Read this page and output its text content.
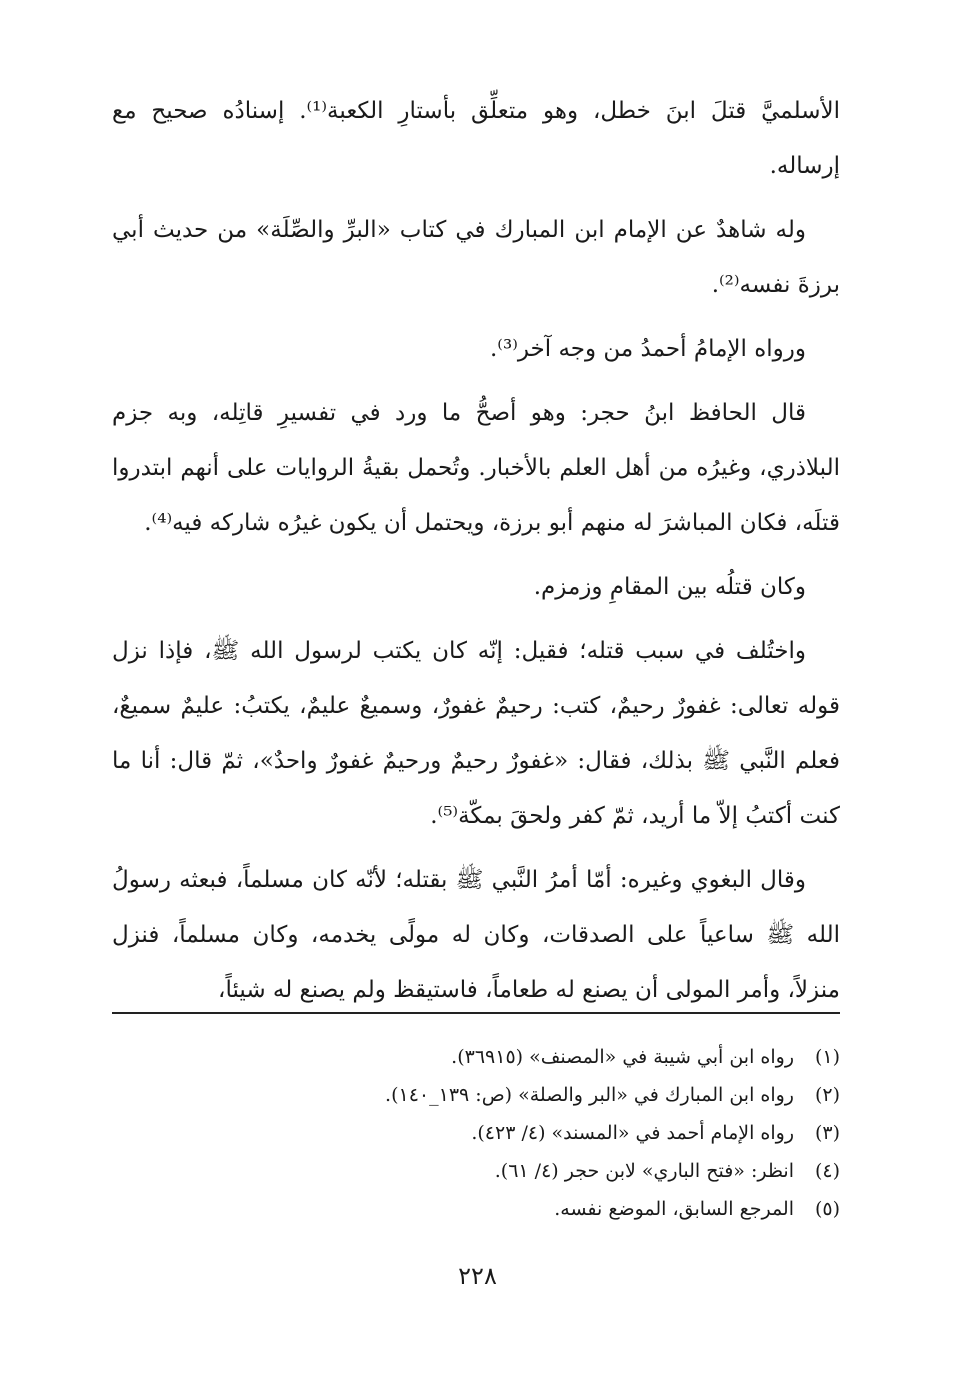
الأسلميَّ قتلَ ابنَ خطل، وهو متعلِّق بأستارِ الكعبة⁽¹⁾. إسنادُه صحيح مع إرساله.

وله شاهدٌ عن الإمام ابن المبارك في كتاب «البرِّ والصِّلَة» من حديث أبي برزةَ نفسه⁽²⁾.

ورواه الإمامُ أحمدُ من وجه آخر⁽³⁾.

قال الحافظ ابنُ حجر: وهو أصحُّ ما ورد في تفسيرِ قاتِله، وبه جزم البلاذري، وغيرُه من أهل العلم بالأخبار. وتُحمل بقيةُ الروايات على أنهم ابتدروا قتلَه، فكان المباشرَ له منهم أبو برزة، ويحتمل أن يكون غيرُه شاركه فيه⁽⁴⁾.

وكان قتلُه بين المقامِ وزمزم.

واختُلف في سبب قتله؛ فقيل: إنّه كان يكتب لرسول الله ﷺ، فإذا نزل قوله تعالى: غفورٌ رحيمٌ، كتب: رحيمٌ غفورٌ، وسميعٌ عليمٌ، يكتبُ: عليمٌ سميعٌ، فعلم النَّبي ﷺ بذلك، فقال: «غفورٌ رحيمٌ ورحيمٌ غفورٌ واحدٌ»، ثمّ قال: أنا ما كنت أكتبُ إلاّ ما أريد، ثمّ كفر ولحقَ بمكّة⁽⁵⁾.

وقال البغوي وغيره: أمّا أمرُ النَّبي ﷺ بقتله؛ لأنّه كان مسلماً، فبعثه رسولُ الله ﷺ ساعياً على الصدقات، وكان له مولًى يخدمه، وكان مسلماً، فنزل منزلاً، وأمر المولى أن يصنع له طعاماً، فاستيقظ ولم يصنع له شيئاً،

(١)رواه ابن أبي شيبة في «المصنف» (٣٦٩١٥).
(٢)رواه ابن المبارك في «البر والصلة» (ص: ١٣٩_١٤٠).
(٣)رواه الإمام أحمد في «المسند» (٤/ ٤٢٣).
(٤)انظر: «فتح الباري» لابن حجر (٤/ ٦١).
(٥)المرجع السابق، الموضع نفسه.
٢٢٨
